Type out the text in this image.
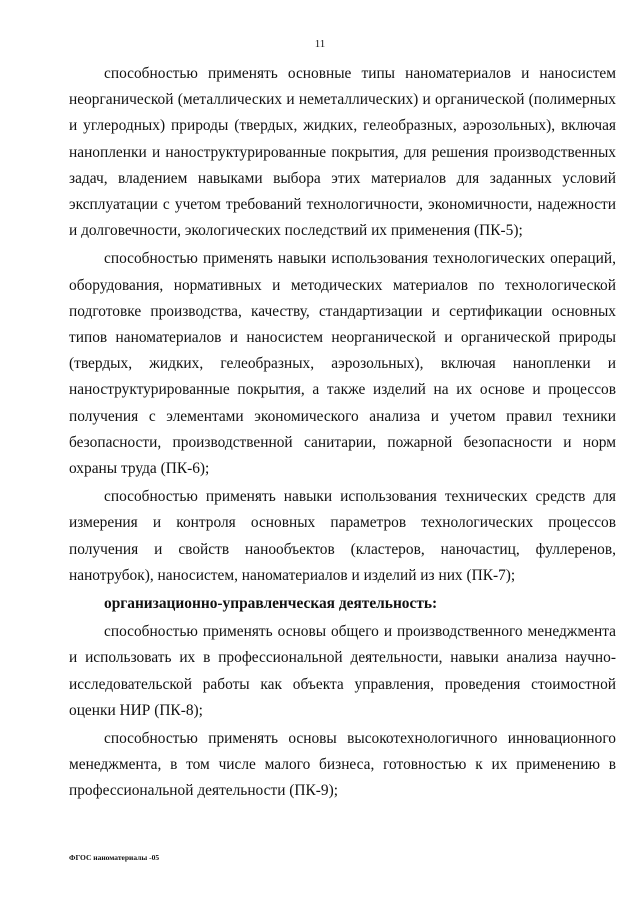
11

способностью применять основные типы наноматериалов и наносистем неорганической (металлических и неметаллических) и органической (полимерных и углеродных) природы (твердых, жидких, гелеобразных, аэрозольных), включая нанопленки и наноструктурированные покрытия, для решения производственных задач, владением навыками выбора этих материалов для заданных условий эксплуатации с учетом требований технологичности, экономичности, надежности и долговечности, экологических последствий их применения (ПК-5);

способностью применять навыки использования технологических операций, оборудования, нормативных и методических материалов по технологической подготовке производства, качеству, стандартизации и сертификации основных типов наноматериалов и наносистем неорганической и органической природы (твердых, жидких, гелеобразных, аэрозольных), включая нанопленки и наноструктурированные покрытия, а также изделий на их основе и процессов получения с элементами экономического анализа и учетом правил техники безопасности, производственной санитарии, пожарной безопасности и норм охраны труда (ПК-6);

способностью применять навыки использования технических средств для измерения и контроля основных параметров технологических процессов получения и свойств нанообъектов (кластеров, наночастиц, фуллеренов, нанотрубок), наносистем, наноматериалов и изделий из них (ПК-7);

организационно-управленческая деятельность:

способностью применять основы общего и производственного менеджмента и использовать их в профессиональной деятельности, навыки анализа научно-исследовательской работы как объекта управления, проведения стоимостной оценки НИР (ПК-8);

способностью применять основы высокотехнологичного инновационного менеджмента, в том числе малого бизнеса, готовностью к их применению в профессиональной деятельности (ПК-9);

ФГОС наноматериалы -05
